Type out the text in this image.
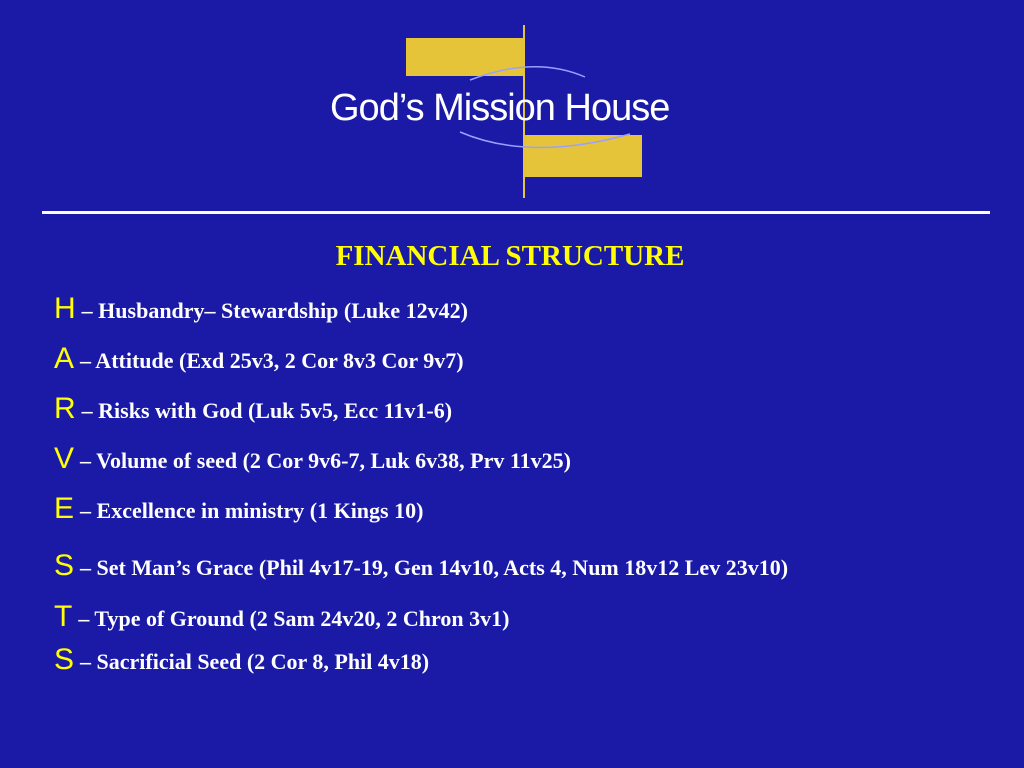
God’s Mission House
FINANCIAL STRUCTURE
H – Husbandry– Stewardship (Luke 12v42)
A – Attitude (Exd 25v3, 2 Cor 8v3 Cor 9v7)
R – Risks with God (Luk 5v5, Ecc 11v1-6)
V – Volume of seed (2 Cor 9v6-7, Luk 6v38, Prv 11v25)
E – Excellence in ministry (1 Kings 10)
S – Set Man’s Grace (Phil 4v17-19, Gen 14v10, Acts 4, Num 18v12 Lev 23v10)
T – Type of Ground (2 Sam 24v20, 2 Chron 3v1)
S – Sacrificial Seed (2 Cor 8, Phil 4v18)
